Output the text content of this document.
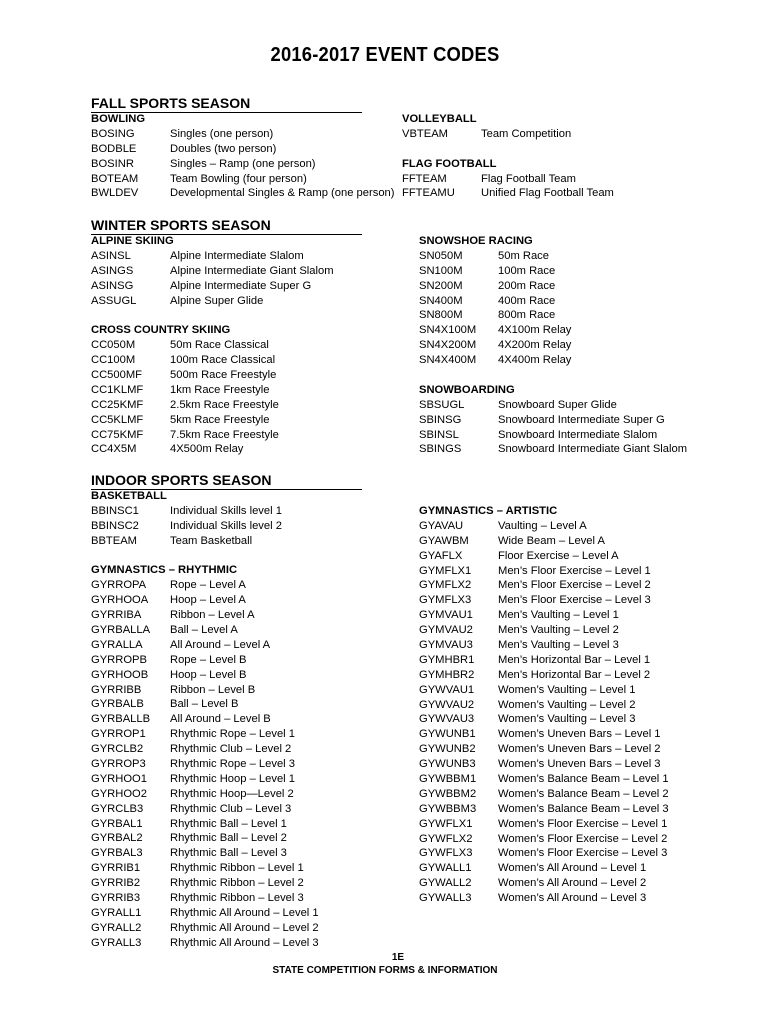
2016-2017 EVENT CODES
FALL SPORTS SEASON
BOWLING
BOSING	Singles (one person)
BODBLE	Doubles (two person)
BOSINR	Singles – Ramp (one person)
BOTEAM	Team Bowling (four person)
BWLDEV	Developmental Singles & Ramp (one person)
VOLLEYBALL
VBTEAM	Team Competition
FLAG FOOTBALL
FFTEAM	Flag Football Team
FFTEAMU	Unified Flag Football Team
WINTER SPORTS SEASON
ALPINE SKIING
ASINSL	Alpine Intermediate Slalom
ASINGS	Alpine Intermediate Giant Slalom
ASINSG	Alpine Intermediate Super G
ASSUGL	Alpine Super Glide
CROSS COUNTRY SKIING
CC050M	50m Race Classical
CC100M	100m Race Classical
CC500MF	500m Race Freestyle
CC1KLMF	1km Race Freestyle
CC25KMF	2.5km Race Freestyle
CC5KLMF	5km Race Freestyle
CC75KMF	7.5km Race Freestyle
CC4X5M	4X500m Relay
SNOWSHOE RACING
SN050M	50m Race
SN100M	100m Race
SN200M	200m Race
SN400M	400m Race
SN800M	800m Race
SN4X100M	4X100m Relay
SN4X200M	4X200m Relay
SN4X400M	4X400m Relay
SNOWBOARDING
SBSUGL	Snowboard Super Glide
SBINSG	Snowboard Intermediate Super G
SBINSL	Snowboard Intermediate Slalom
SBINGS	Snowboard Intermediate Giant Slalom
INDOOR SPORTS SEASON
BASKETBALL
BBINSC1	Individual Skills level 1
BBINSC2	Individual Skills level 2
BBTEAM	Team Basketball
GYMNASTICS – RHYTHMIC
GYRROPA	Rope – Level A
GYRHOOA	Hoop – Level A
GYRRIBA	Ribbon – Level A
GYRBALLA	Ball – Level A
GYRALLA	All Around – Level A
GYRROPB	Rope – Level B
GYRHOOB	Hoop – Level B
GYRRIBB	Ribbon – Level B
GYRBALB	Ball – Level B
GYRBALLB	All Around – Level B
GYRROP1	Rhythmic Rope – Level 1
GYRCLB2	Rhythmic Club – Level 2
GYRROP3	Rhythmic Rope – Level 3
GYRHOO1	Rhythmic Hoop – Level 1
GYRHOO2	Rhythmic Hoop—Level 2
GYRCLB3	Rhythmic Club – Level 3
GYRBAL1	Rhythmic Ball – Level 1
GYRBAL2	Rhythmic Ball – Level 2
GYRBAL3	Rhythmic Ball – Level 3
GYRRIB1	Rhythmic Ribbon – Level 1
GYRRIB2	Rhythmic Ribbon – Level 2
GYRRIB3	Rhythmic Ribbon – Level 3
GYRALL1	Rhythmic All Around – Level 1
GYRALL2	Rhythmic All Around – Level 2
GYRALL3	Rhythmic All Around – Level 3
GYMNASTICS – ARTISTIC
GYAVAU	Vaulting – Level A
GYAWBM	Wide Beam – Level A
GYAFLX	Floor Exercise – Level A
GYMFLX1	Men’s Floor Exercise – Level 1
GYMFLX2	Men’s Floor Exercise – Level 2
GYMFLX3	Men’s Floor Exercise – Level 3
GYMVAU1	Men’s Vaulting – Level 1
GYMVAU2	Men’s Vaulting – Level 2
GYMVAU3	Men’s Vaulting – Level 3
GYMHBR1	Men’s Horizontal Bar – Level 1
GYMHBR2	Men’s Horizontal Bar – Level 2
GYWVAU1	Women’s Vaulting – Level 1
GYWVAU2	Women’s Vaulting – Level 2
GYWVAU3	Women’s Vaulting – Level 3
GYWUNB1	Women’s Uneven Bars – Level 1
GYWUNB2	Women’s Uneven Bars – Level 2
GYWUNB3	Women’s Uneven Bars – Level 3
GYWBBM1	Women’s Balance Beam – Level 1
GYWBBM2	Women’s Balance Beam – Level 2
GYWBBM3	Women’s Balance Beam – Level 3
GYWFLX1	Women’s Floor Exercise – Level 1
GYWFLX2	Women’s Floor Exercise – Level 2
GYWFLX3	Women’s Floor Exercise – Level 3
GYWALL1	Women’s All Around – Level 1
GYWALL2	Women’s All Around – Level 2
GYWALL3	Women’s All Around – Level 3
1E
STATE COMPETITION FORMS & INFORMATION
